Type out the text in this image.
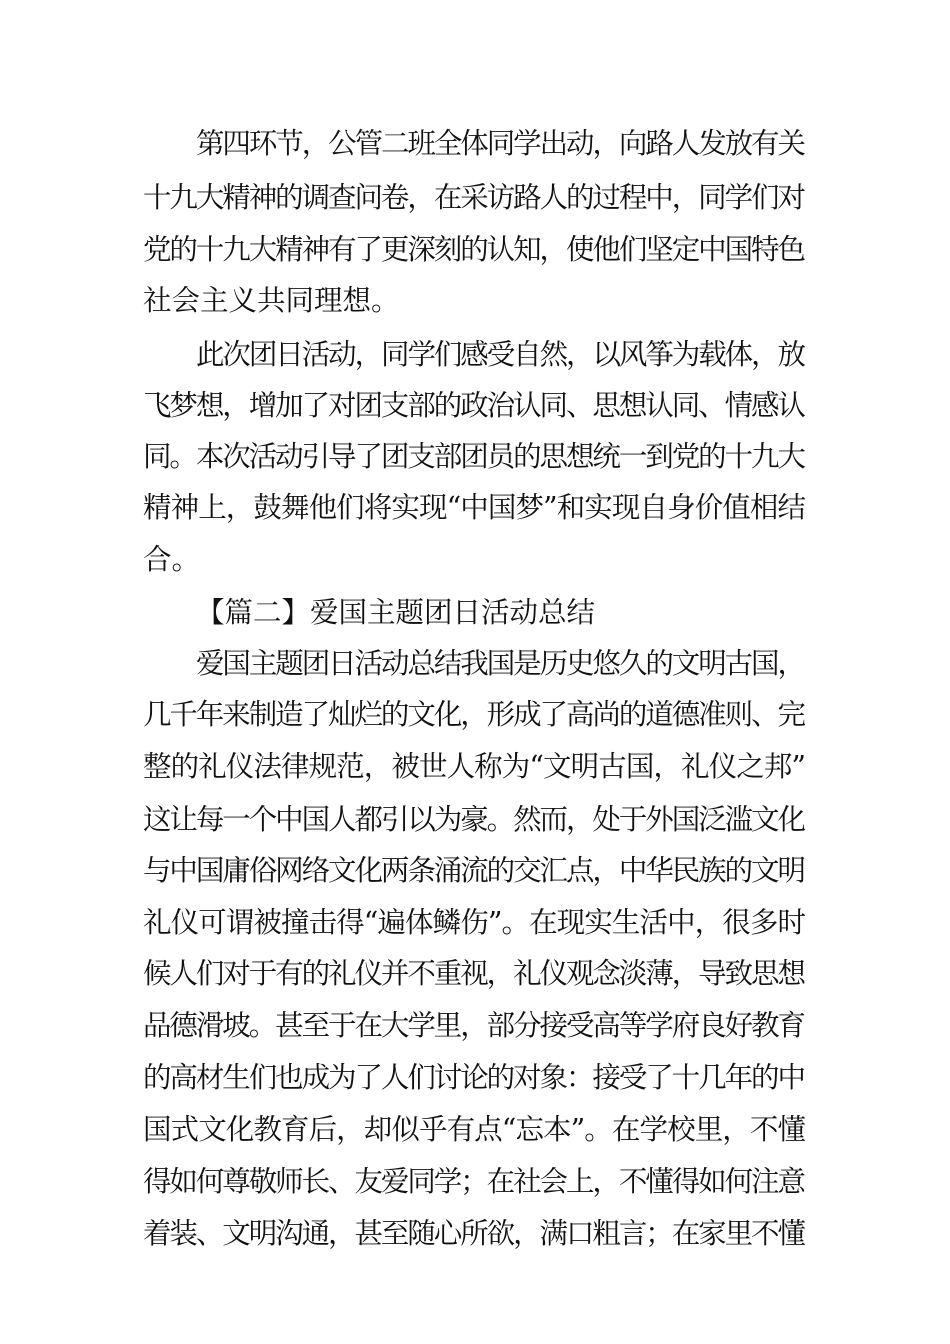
第四环节，公管二班全体同学出动，向路人发放有关

十九大精神的调查问卷，在采访路人的过程中，同学们对

党的十九大精神有了更深刻的认知，使他们坚定中国特色

社会主义共同理想。

此次团日活动，同学们感受自然，以风筝为载体，放

飞梦想，增加了对团支部的政治认同、思想认同、情感认

同。本次活动引导了团支部团员的思想统一到党的十九大

精神上，鼓舞他们将实现“中国梦”和实现自身价值相结

合。

【篇二】爱国主题团日活动总结

爱国主题团日活动总结我国是历史悠久的文明古国，

几千年来制造了灿烂的文化，形成了高尚的道德准则、完

整的礼仪法律规范，被世人称为“文明古国，礼仪之邦”

这让每一个中国人都引以为豪。然而，处于外国泛滥文化

与中国庸俗网络文化两条涌流的交汇点，中华民族的文明

礼仪可谓被撞击得“遍体鳞伤”。在现实生活中，很多时

候人们对于有的礼仪并不重视，礼仪观念淡薄，导致思想

品德滑坡。甚至于在大学里，部分接受高等学府良好教育

的高材生们也成为了人们讨论的对象：接受了十几年的中

国式文化教育后，却似乎有点“忘本”。在学校里，不懂

得如何尊敬师长、友爱同学；在社会上，不懂得如何注意

着装、文明沟通，甚至随心所欲，满口粗言；在家里不懂
